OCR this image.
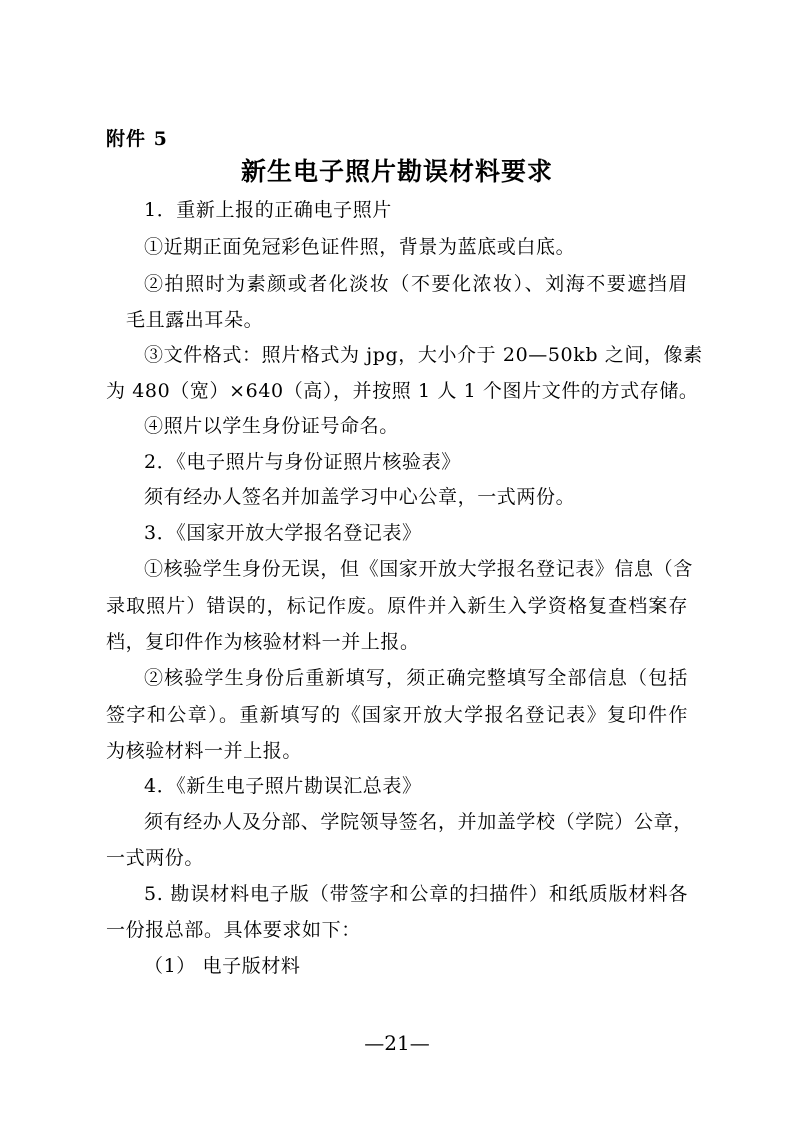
附件 5
新生电子照片勘误材料要求
1．重新上报的正确电子照片
①近期正面免冠彩色证件照，背景为蓝底或白底。
②拍照时为素颜或者化淡妆（不要化浓妆）、刘海不要遮挡眉
毛且露出耳朵。
③文件格式：照片格式为 jpg，大小介于 20—50kb 之间，像素
为 480（宽）×640（高），并按照 1 人 1 个图片文件的方式存储。
④照片以学生身份证号命名。
2．《电子照片与身份证照片核验表》
须有经办人签名并加盖学习中心公章，一式两份。
3．《国家开放大学报名登记表》
①核验学生身份无误，但《国家开放大学报名登记表》信息（含
录取照片）错误的，标记作废。原件并入新生入学资格复查档案存
档，复印件作为核验材料一并上报。
②核验学生身份后重新填写，须正确完整填写全部信息（包括
签字和公章）。重新填写的《国家开放大学报名登记表》复印件作
为核验材料一并上报。
4．《新生电子照片勘误汇总表》
须有经办人及分部、学院领导签名，并加盖学校（学院）公章，
一式两份。
5. 勘误材料电子版（带签字和公章的扫描件）和纸质版材料各
一份报总部。具体要求如下：
（1） 电子版材料
—21—
